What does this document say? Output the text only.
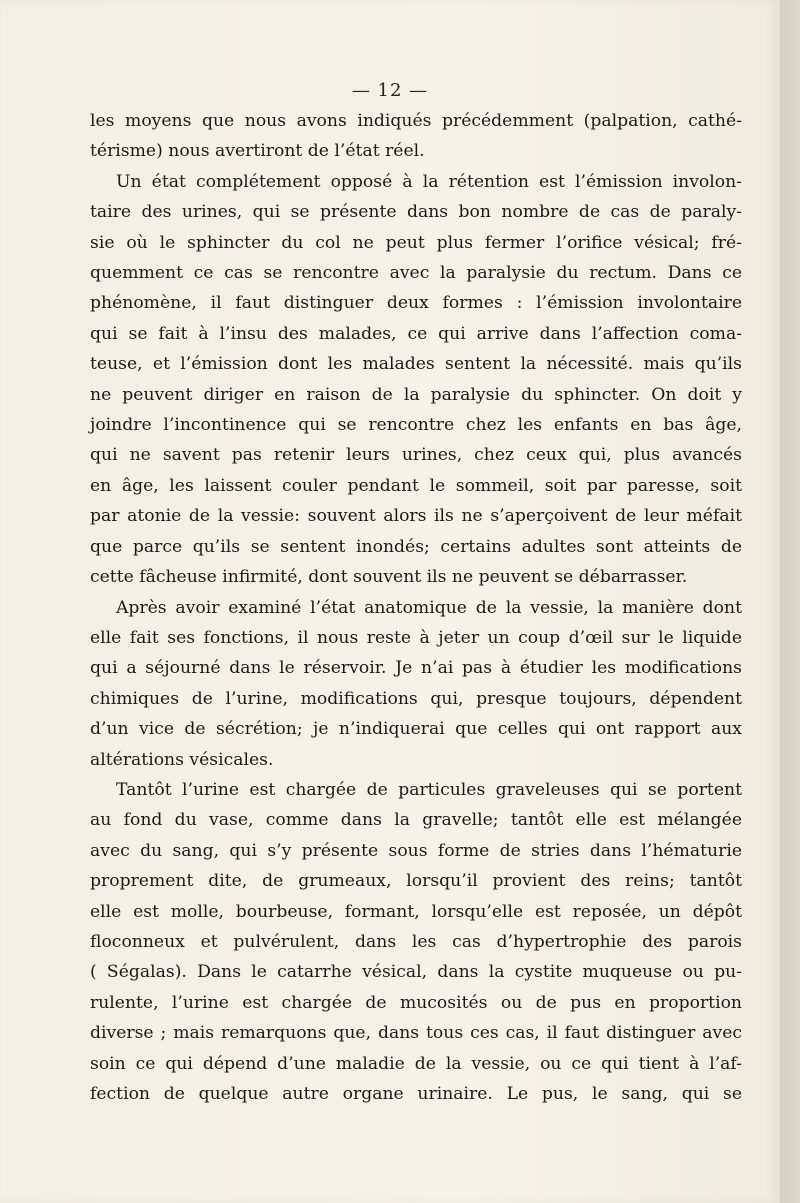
— 12 —

les moyens que nous avons indiqués précédemment (palpation, cathé-
térisme) nous avertiront de l’état réel.

Un état complétement opposé à la rétention est l’émission involon-
taire des urines, qui se présente dans bon nombre de cas de paraly-
sie où le sphincter du col ne peut plus fermer l’orifice vésical; fré-
quemment ce cas se rencontre avec la paralysie du rectum. Dans ce
phénomène, il faut distinguer deux formes : l’émission involontaire
qui se fait à l’insu des malades, ce qui arrive dans l’affection coma-
teuse, et l’émission dont les malades sentent la nécessité. mais qu’ils
ne peuvent diriger en raison de la paralysie du sphincter. On doit y
joindre l’incontinence qui se rencontre chez les enfants en bas âge,
qui ne savent pas retenir leurs urines, chez ceux qui, plus avancés
en âge, les laissent couler pendant le sommeil, soit par paresse, soit
par atonie de la vessie: souvent alors ils ne s’aperçoivent de leur méfait
que parce qu’ils se sentent inondés; certains adultes sont atteints de
cette fâcheuse infirmité, dont souvent ils ne peuvent se débarrasser.

Après avoir examiné l’état anatomique de la vessie, la manière dont
elle fait ses fonctions, il nous reste à jeter un coup d’œil sur le liquide
qui a séjourné dans le réservoir. Je n’ai pas à étudier les modifications
chimiques de l’urine, modifications qui, presque toujours, dépendent
d’un vice de sécrétion; je n’indiquerai que celles qui ont rapport aux
altérations vésicales.

Tantôt l’urine est chargée de particules graveleuses qui se portent
au fond du vase, comme dans la gravelle; tantôt elle est mélangée
avec du sang, qui s’y présente sous forme de stries dans l’hématurie
proprement dite, de grumeaux, lorsqu’il provient des reins; tantôt
elle est molle, bourbeuse, formant, lorsqu’elle est reposée, un dépôt
floconneux et pulvérulent, dans les cas d’hypertrophie des parois
( Ségalas). Dans le catarrhe vésical, dans la cystite muqueuse ou pu-
rulente, l’urine est chargée de mucosités ou de pus en proportion
diverse ; mais remarquons que, dans tous ces cas, il faut distinguer avec
soin ce qui dépend d’une maladie de la vessie, ou ce qui tient à l’af-
fection de quelque autre organe urinaire. Le pus, le sang, qui se
